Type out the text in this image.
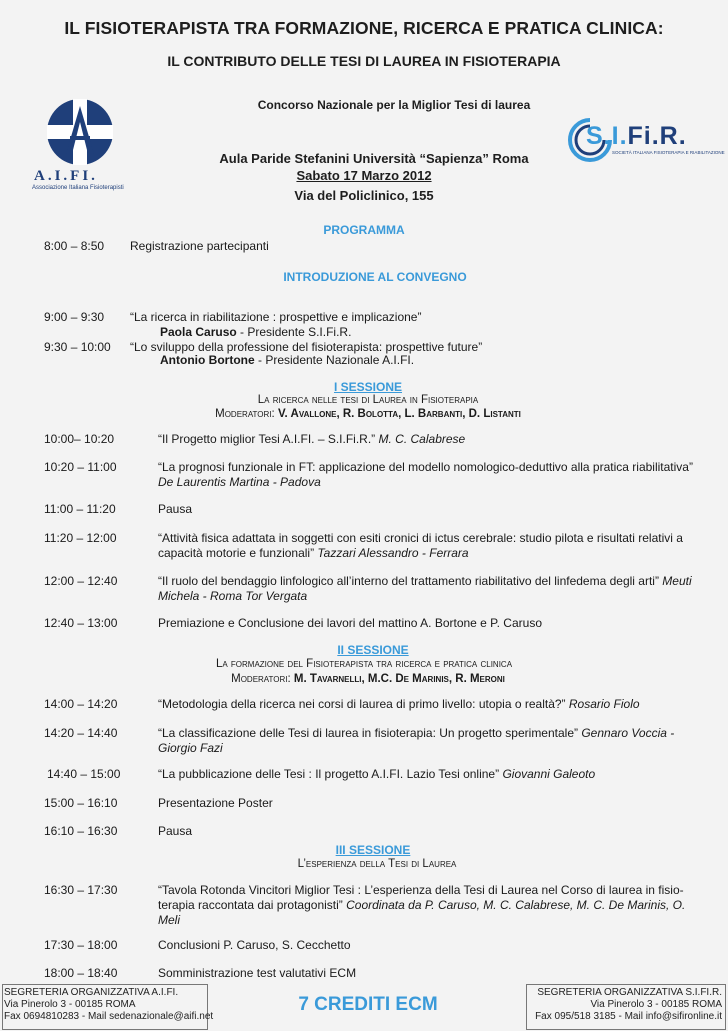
IL FISIOTERAPISTA TRA FORMAZIONE, RICERCA E PRATICA CLINICA:
IL CONTRIBUTO DELLE TESI DI LAUREA IN FISIOTERAPIA
Concorso Nazionale per la Miglior Tesi di laurea
Aula Paride Stefanini Università “Sapienza” Roma
Sabato 17 Marzo 2012
Via del Policlinico, 155
A.I.FI.
Associazione Italiana Fisioterapisti
S.I.Fi.R.
SOCIETÀ ITALIANA FISIOTERAPIA E RIABILITAZIONE
PROGRAMMA
8:00 – 8:50 Registrazione partecipanti
INTRODUZIONE AL CONVEGNO
9:00 – 9:30 “La ricerca in riabilitazione : prospettive e implicazione”
Paola Caruso - Presidente S.I.Fi.R.
9:30 – 10:00 “Lo sviluppo della professione del fisioterapista: prospettive future”
Antonio Bortone - Presidente Nazionale A.I.FI.
I SESSIONE
La ricerca nelle tesi di Laurea in Fisioterapia
Moderatori: V. Avallone, R. Bolotta, L. Barbanti, D. Listanti
10:00– 10:20	“Il Progetto miglior Tesi A.I.FI. – S.I.Fi.R.” M. C. Calabrese
10:20 – 11:00	“La prognosi funzionale in FT: applicazione del modello nomologico-deduttivo alla pratica riabilitativa”
De Laurentis Martina - Padova
11:00 – 11:20	Pausa
11:20 – 12:00	“Attività fisica adattata in soggetti con esiti cronici di ictus cerebrale: studio pilota e risultati relativi a capacità motorie e funzionali” Tazzari Alessandro - Ferrara
12:00 – 12:40	“Il ruolo del bendaggio linfologico all’interno del trattamento riabilitativo del linfedema degli arti” Meuti Michela - Roma Tor Vergata
12:40 – 13:00	Premiazione e Conclusione dei lavori del mattino A. Bortone e P. Caruso
II SESSIONE
La formazione del Fisioterapista tra ricerca e pratica clinica
Moderatori: M. Tavarnelli, M.C. De Marinis, R. Meroni
14:00 – 14:20	“Metodologia della ricerca nei corsi di laurea di primo livello: utopia o realtà?” Rosario Fiolo
14:20 – 14:40	“La classificazione delle Tesi di laurea in fisioterapia: Un progetto sperimentale” Gennaro Voccia - Giorgio Fazi
14:40 – 15:00	“La pubblicazione delle Tesi : Il progetto A.I.FI. Lazio Tesi online” Giovanni Galeoto
15:00 – 16:10	Presentazione Poster
16:10 – 16:30	Pausa
III SESSIONE
L’esperienza della Tesi di Laurea
16:30 – 17:30	“Tavola Rotonda Vincitori Miglior Tesi : L’esperienza della Tesi di Laurea nel Corso di laurea in fisio-terapia raccontata dai protagonisti” Coordinata da P. Caruso, M. C. Calabrese, M. C. De Marinis, O. Meli
17:30 – 18:00	Conclusioni P. Caruso, S. Cecchetto
18:00 – 18:40	Somministrazione test valutativi ECM
SEGRETERIA ORGANIZZATIVA A.I.FI.
Via Pinerolo 3 - 00185 ROMA
Fax 0694810283 - Mail sedenazionale@aifi.net
7 CREDITI ECM
SEGRETERIA ORGANIZZATIVA S.I.FI.R.
Via Pinerolo 3 - 00185 ROMA
Fax 095/518 3185 - Mail info@sifironline.it
